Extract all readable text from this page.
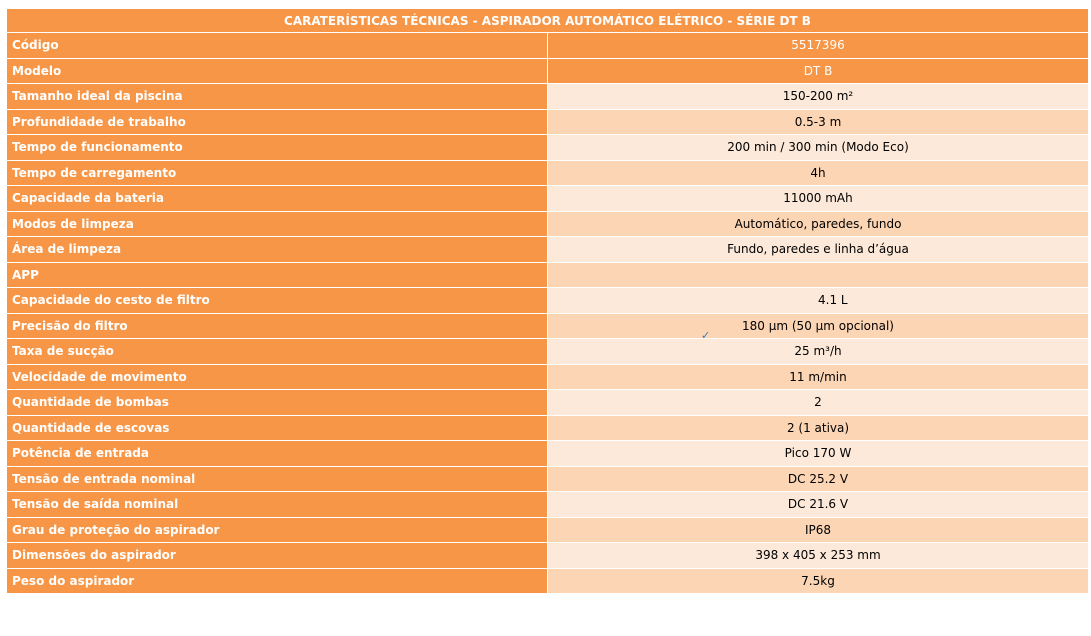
CARATERÍSTICAS TÉCNICAS - ASPIRADOR AUTOMÁTICO ELÉTRICO - SÉRIE DT B	
Código	5517396
Modelo	DT B
Tamanho ideal da piscina	150-200 m²
Profundidade de trabalho	0.5-3 m
Tempo de funcionamento	200 min / 300 min (Modo Eco)
Tempo de carregamento	4h
Capacidade da bateria	11000 mAh
Modos de limpeza	Automático, paredes, fundo
Área de limpeza	Fundo, paredes e linha d’água
APP	
Capacidade do cesto de filtro	4.1 L
Precisão do filtro	180 µm (50 µm opcional)
Taxa de sucção	25 m³/h
Velocidade de movimento	11 m/min
Quantidade de bombas	2
Quantidade de escovas	2 (1 ativa)
Potência de entrada	Pico 170 W
Tensão de entrada nominal	DC 25.2 V
Tensão de saída nominal	DC 21.6 V
Grau de proteção do aspirador	IP68
Dimensões do aspirador	398 x 405 x 253 mm
Peso do aspirador	7.5kg
✓
